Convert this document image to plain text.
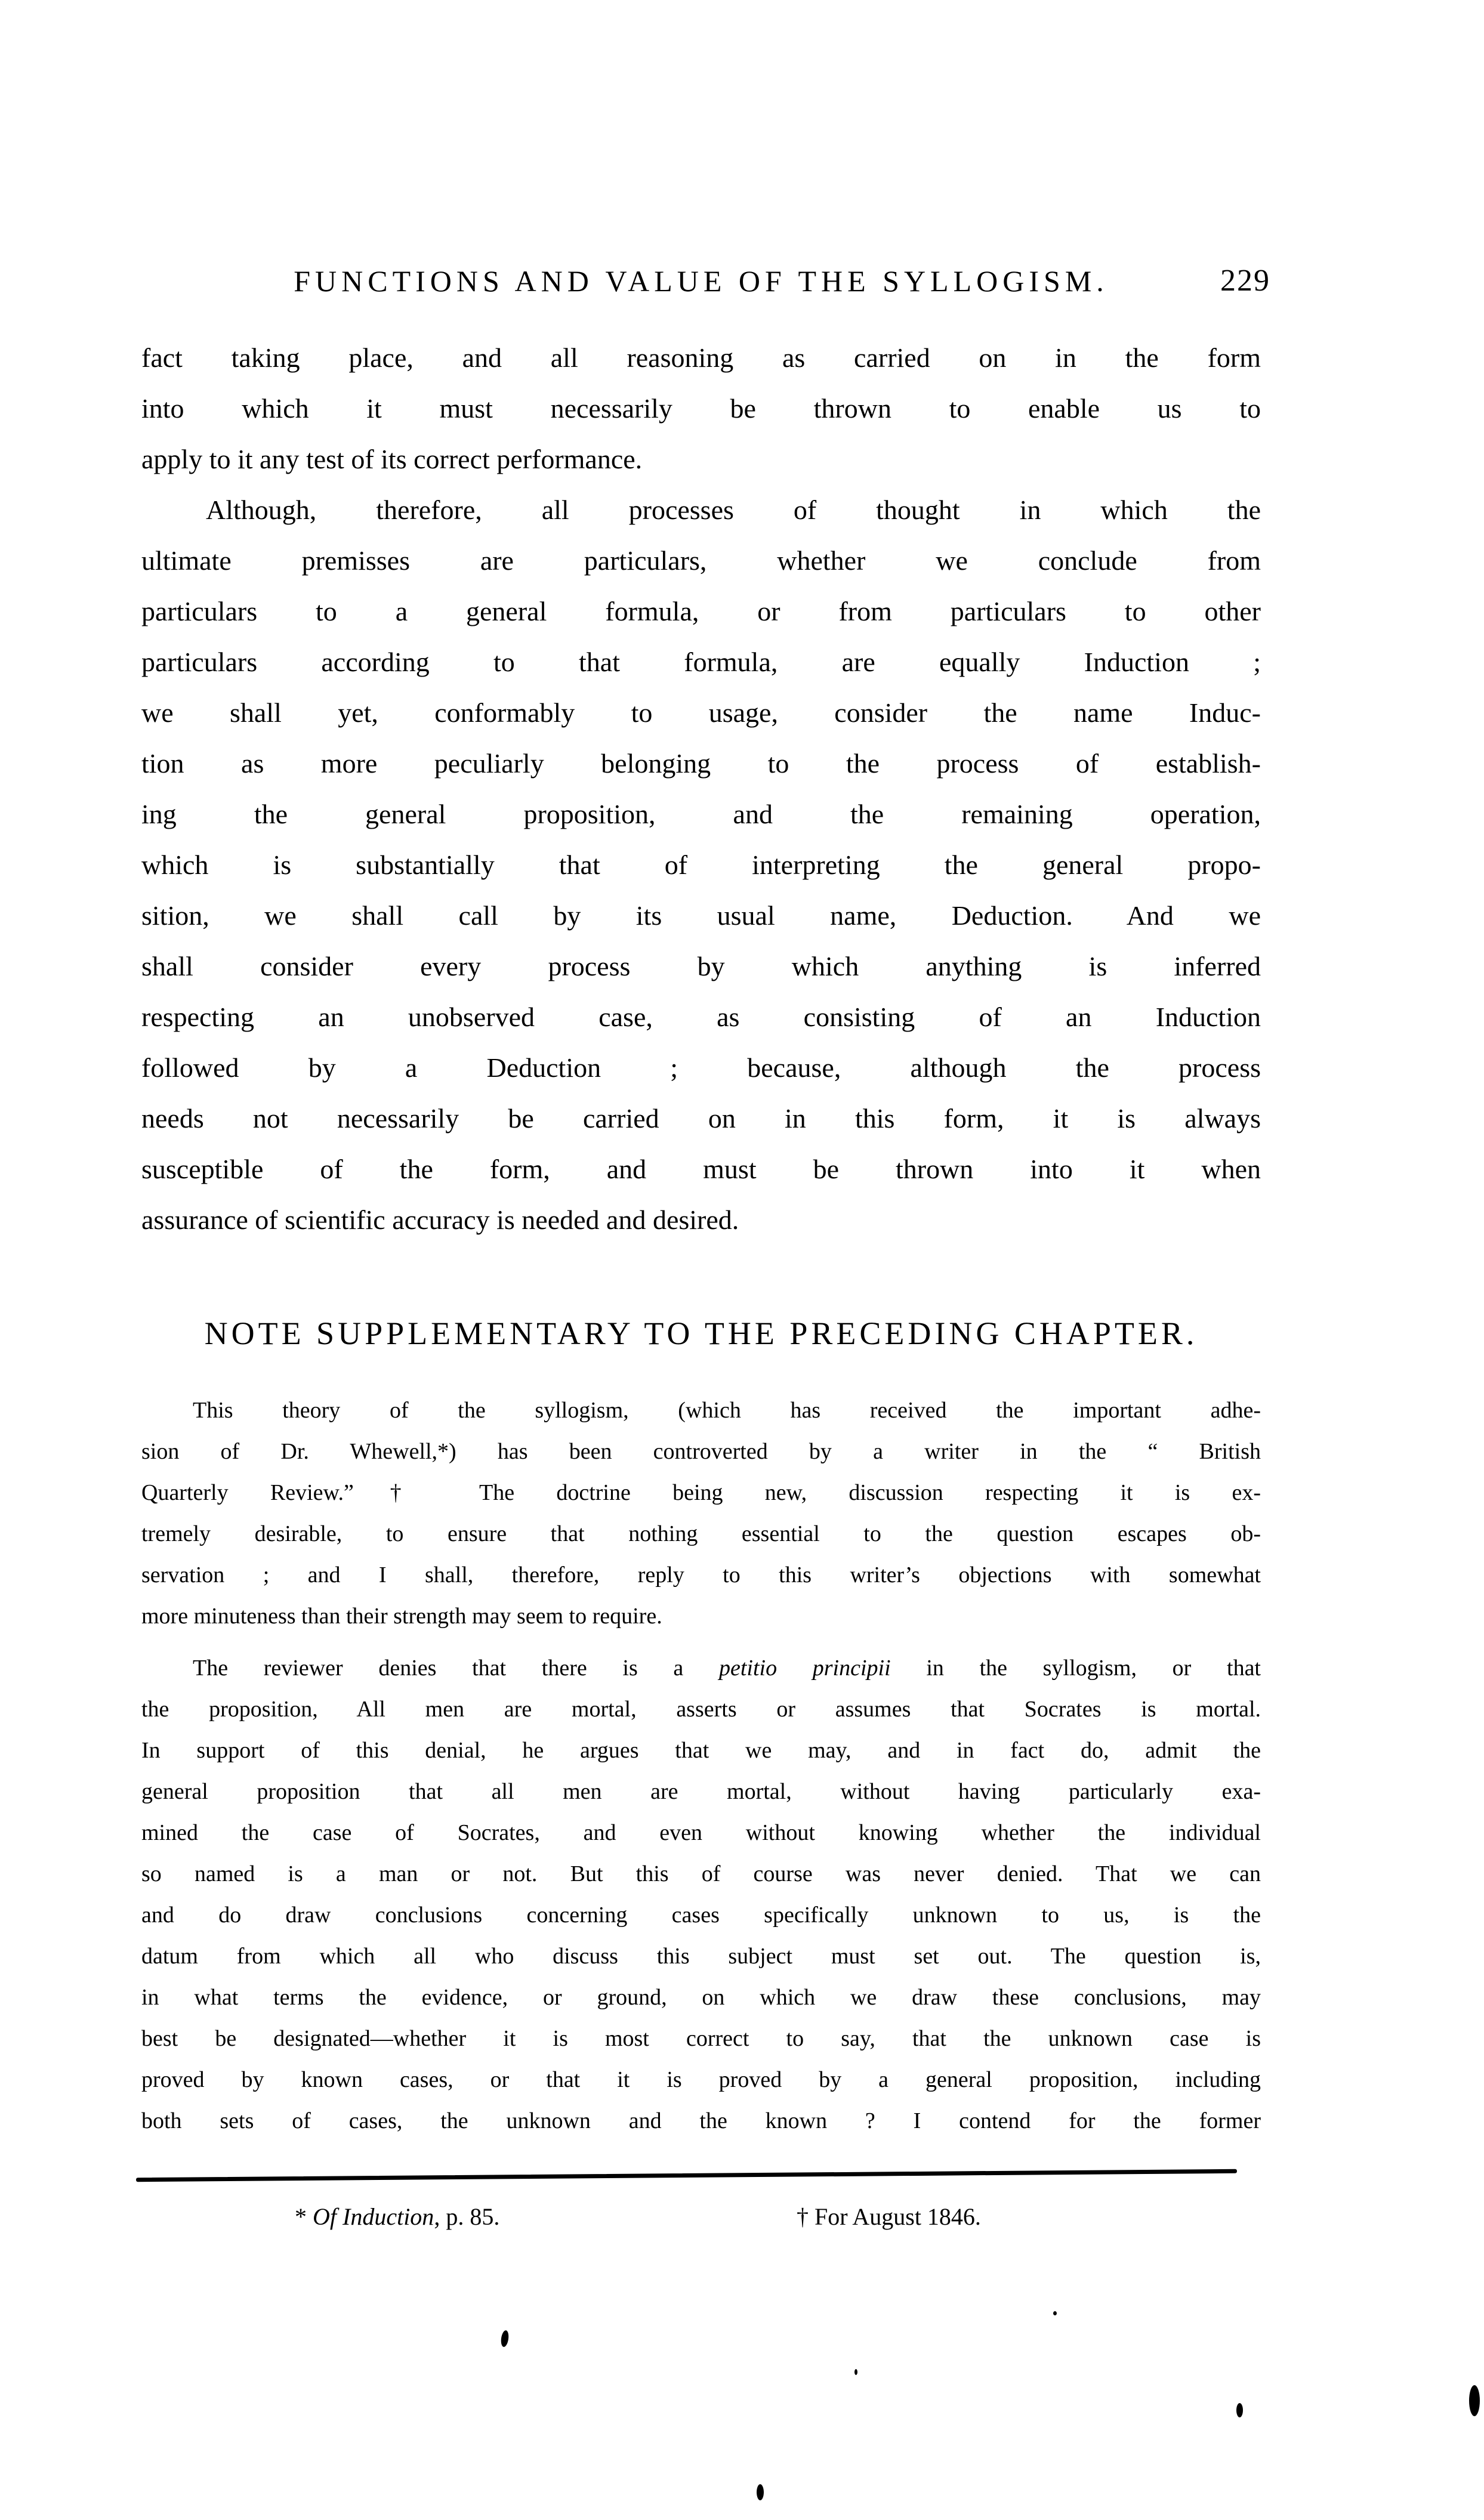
FUNCTIONS AND VALUE OF THE SYLLOGISM.	229
fact taking place, and all reasoning as carried on in the form
into which it must necessarily be thrown to enable us to
apply to it any test of its correct performance.
Although, therefore, all processes of thought in which the
ultimate premisses are particulars, whether we conclude from
particulars to a general formula, or from particulars to other
particulars according to that formula, are equally Induction ;
we shall yet, conformably to usage, consider the name Induc-
tion as more peculiarly belonging to the process of establish-
ing the general proposition, and the remaining operation,
which is substantially that of interpreting the general propo-
sition, we shall call by its usual name, Deduction. And we
shall consider every process by which anything is inferred
respecting an unobserved case, as consisting of an Induction
followed by a Deduction ; because, although the process
needs not necessarily be carried on in this form, it is always
susceptible of the form, and must be thrown into it when
assurance of scientific accuracy is needed and desired.
NOTE SUPPLEMENTARY TO THE PRECEDING CHAPTER.
This theory of the syllogism, (which has received the important adhe-
sion of Dr. Whewell,*) has been controverted by a writer in the “ British
Quarterly Review.”† The doctrine being new, discussion respecting it is ex-
tremely desirable, to ensure that nothing essential to the question escapes ob-
servation ; and I shall, therefore, reply to this writer’s objections with somewhat
more minuteness than their strength may seem to require.
The reviewer denies that there is a petitio principii in the syllogism, or that
the proposition, All men are mortal, asserts or assumes that Socrates is mortal.
In support of this denial, he argues that we may, and in fact do, admit the
general proposition that all men are mortal, without having particularly exa-
mined the case of Socrates, and even without knowing whether the individual
so named is a man or not. But this of course was never denied. That we can
and do draw conclusions concerning cases specifically unknown to us, is the
datum from which all who discuss this subject must set out. The question is,
in what terms the evidence, or ground, on which we draw these conclusions, may
best be designated—whether it is most correct to say, that the unknown case is
proved by known cases, or that it is proved by a general proposition, including
both sets of cases, the unknown and the known ? I contend for the former
* Of Induction, p. 85.	† For August 1846.
